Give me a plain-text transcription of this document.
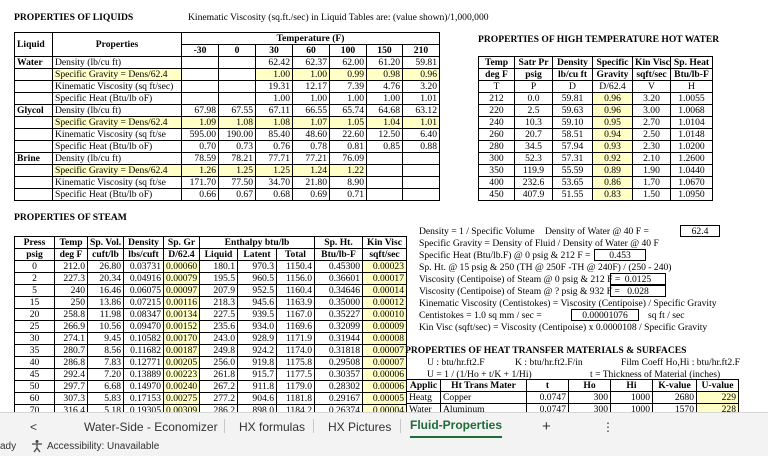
PROPERTIES OF LIQUIDS	Kinematic Viscosity (sq.ft./sec) in Liquid Tables are: (value shown)/1,000,000
Liquid	Properties	Temperature (F)						
		-30	0	30	60	100	150	210
Water	Density (lb/cu ft)			62.42	62.37	62.00	61.20	59.81
	Specific Gravity = Dens/62.4			1.00	1.00	0.99	0.98	0.96
	Kinematic Viscosity (sq ft/sec)			19.31	12.17	7.39	4.76	3.20
	Specific Heat (Btu/lb oF)			1.00	1.00	1.00	1.00	1.01
Glycol	Density (lb/cu ft)	67.98	67.55	67.11	66.55	65.74	64.68	63.12
	Specific Gravity = Dens/62.4	1.09	1.08	1.08	1.07	1.05	1.04	1.01
	Kinematic Viscosity (sq ft/se	595.00	190.00	85.40	48.60	22.60	12.50	6.40
	Specific Heat (Btu/lb oF)	0.70	0.73	0.76	0.78	0.81	0.85	0.88
Brine	Density (lb/cu ft)	78.59	78.21	77.71	77.21	76.09		
	Specific Gravity = Dens/62.4	1.26	1.25	1.25	1.24	1.22		
	Kinematic Viscosity (sq ft/se	171.70	77.50	34.70	21.80	8.90		
	Specific Heat (Btu/lb oF)	0.66	0.67	0.68	0.69	0.71		
PROPERTIES OF HIGH TEMPERATURE HOT WATER
Temp	Satr Pr	Density	Specific	Kin Visc	Sp. Heat
deg F	psig	lb/cu ft	Gravity	sqft/sec	Btu/lb-F
T	P	D	D/62.4	V	H
212	0.0	59.81	0.96	3.20	1.0055
220	2.5	59.63	0.96	3.00	1.0068
240	10.3	59.10	0.95	2.70	1.0104
260	20.7	58.51	0.94	2.50	1.0148
280	34.5	57.94	0.93	2.30	1.0200
300	52.3	57.31	0.92	2.10	1.2600
350	119.9	55.59	0.89	1.90	1.0440
400	232.6	53.65	0.86	1.70	1.0670
450	407.9	51.55	0.83	1.50	1.0950
PROPERTIES OF STEAM
Press	Temp	Sp. Vol.	Density	Sp. Gr	Enthalpy btu/lb			Sp. Ht.	Kin Visc
psig	deg F	cuft/lb	lbs/cuft	D/62.4	Liquid	Latent	Total	Btu/lb-F	sqft/sec
0	212.0	26.80	0.03731	0.00060	180.1	970.3	1150.4	0.45300	0.00023
2	227.3	20.34	0.04916	0.00079	195.5	960.5	1156.0	0.36601	0.00017
5	240	16.46	0.06075	0.00097	207.9	952.5	1160.4	0.34646	0.00014
15	250	13.86	0.07215	0.00116	218.3	945.6	1163.9	0.35000	0.00012
20	258.8	11.98	0.08347	0.00134	227.5	939.5	1167.0	0.35227	0.00010
25	266.9	10.56	0.09470	0.00152	235.6	934.0	1169.6	0.32099	0.00009
30	274.1	9.45	0.10582	0.00170	243.0	928.9	1171.9	0.31944	0.00008
35	280.7	8.56	0.11682	0.00187	249.8	924.2	1174.0	0.31818	0.00007
40	286.8	7.83	0.12771	0.00205	256.0	919.8	1175.8	0.29508	0.00007
45	292.4	7.20	0.13889	0.00223	261.8	915.7	1177.5	0.30357	0.00006
50	297.7	6.68	0.14970	0.00240	267.2	911.8	1179.0	0.28302	0.00006
60	307.3	5.83	0.17153	0.00275	277.2	904.6	1181.8	0.29167	0.00005
70	316.4	5.18	0.19305	0.00309	286.2	898.0	1184.2	0.26374	0.00004
Density = 1 / Specific Volume Density of Water @ 40 F =	62.4
Specific Gravity = Density of Fluid / Density of Water @ 40 F
Specific Heat (Btu/lb.F) @ 0 psig & 212 F =	0.453
Sp. Ht. @ 15 psig & 250 (TH @ 250F -TH @ 240F) / (250 - 240)
Viscosity (Centipoise) of Steam @ 0 psig & 212 F = 0.0125
Viscosity (Centipoise) of Steam @ ? psig & 932 F = 0.028
Kinematic Viscosity (Centistokes) = Viscosity (Centipoise) / Specific Gravity
Centistokes = 1.0 sq mm / sec =	0.00001076	sq ft / sec
Kin Visc (sqft/sec) = Viscosity (Centipoise) x 0.0000108 / Specific Gravity
PROPERTIES OF HEAT TRANSFER MATERIALS & SURFACES
U : btu/hr.ft2.F	K : btu/hr.ft2.F/in	Film Coeff Ho,Hi : btu/hr.ft2.F
U = 1 / (1/Ho + t/K + 1/Hi)	t = Thickness of Material (inches)
Applic	Ht Trans Mater	t	Ho	Hi	K-value	U-value
Heatg	Copper	0.0747	300	1000	2680	229
Water	Aluminum	0.0747	300	1000	1570	228
<	Water-Side - Economizer HX formulas HX Pictures Fluid-Properties	+	⋮
ady	Accessibility: Unavailable
